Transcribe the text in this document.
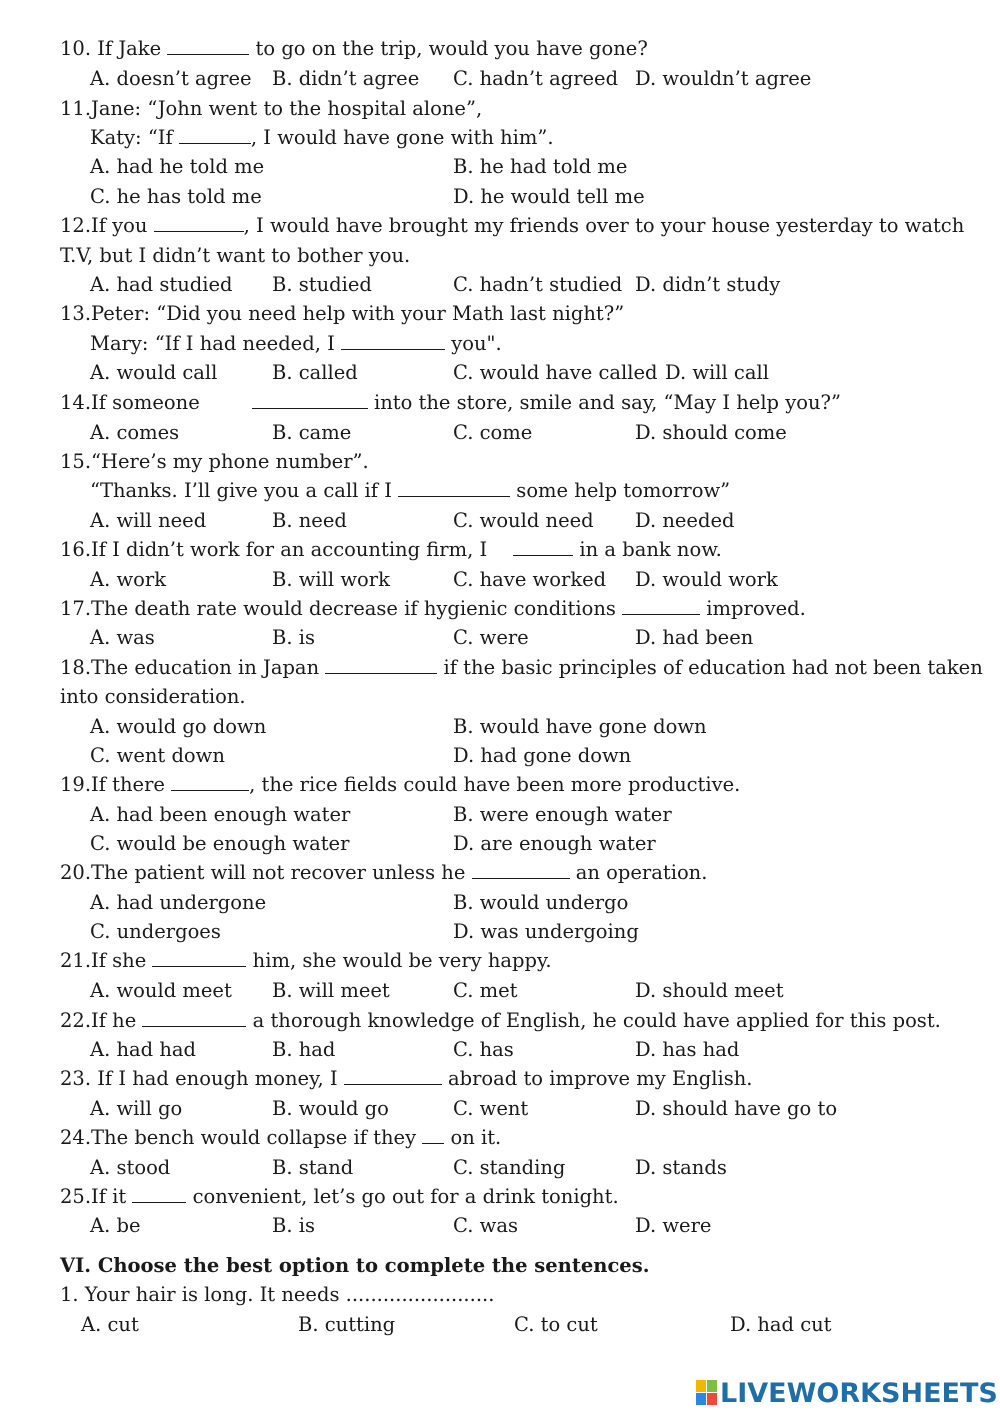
10. If Jake	to go on the trip, would you have gone?
A. doesn’t agree B. didn’t agree C. hadn’t agreed D. wouldn’t agree
11.Jane: “John went to the hospital alone”,
Katy: “If	, I would have gone with him”.
A. had he told me	B. he had told me
C. he has told me	D. he would tell me
12.If you	, I would have brought my friends over to your house yesterday to watch
T.V, but I didn’t want to bother you.
A. had studied B. studied	C. hadn’t studied D. didn’t study
13.Peter: “Did you need help with your Math last night?”
Mary: “If I had needed, I	you".
A. would call	B. called	C. would have called D. will call
14.If someone	into the store, smile and say, “May I help you?”
A. comes	B. came	C. come	D. should come
15.“Here’s my phone number”.
“Thanks. I’ll give you a call if I	some help tomorrow”
A. will need	B. need	C. would need D. needed
16.If I didn’t work for an accounting firm, I	in a bank now.
A. work	B. will work	C. have worked D. would work
17.The death rate would decrease if hygienic conditions	improved.
A. was	B. is	C. were	D. had been
18.The education in Japan	if the basic principles of education had not been taken
into consideration.
A. would go down	B. would have gone down
C. went down	D. had gone down
19.If there	, the rice fields could have been more productive.
A. had been enough water	B. were enough water
C. would be enough water	D. are enough water
20.The patient will not recover unless he	an operation.
A. had undergone	B. would undergo
C. undergoes	D. was undergoing
21.If she	him, she would be very happy.
A. would meet B. will meet	C. met	D. should meet
22.If he	a thorough knowledge of English, he could have applied for this post.
A. had had	B. had	C. has	D. has had
23. If I had enough money, I	abroad to improve my English.
A. will go	B. would go	C. went	D. should have go to
24.The bench would collapse if they  on it.
A. stood	B. stand	C. standing	D. stands
25.If it	convenient, let’s go out for a drink tonight.
A. be	B. is	C. was	D. were
VI. Choose the best option to complete the sentences.
1. Your hair is long. It needs ........................
A. cut	B. cutting	C. to cut	D. had cut
LIVEWORKSHEETS
